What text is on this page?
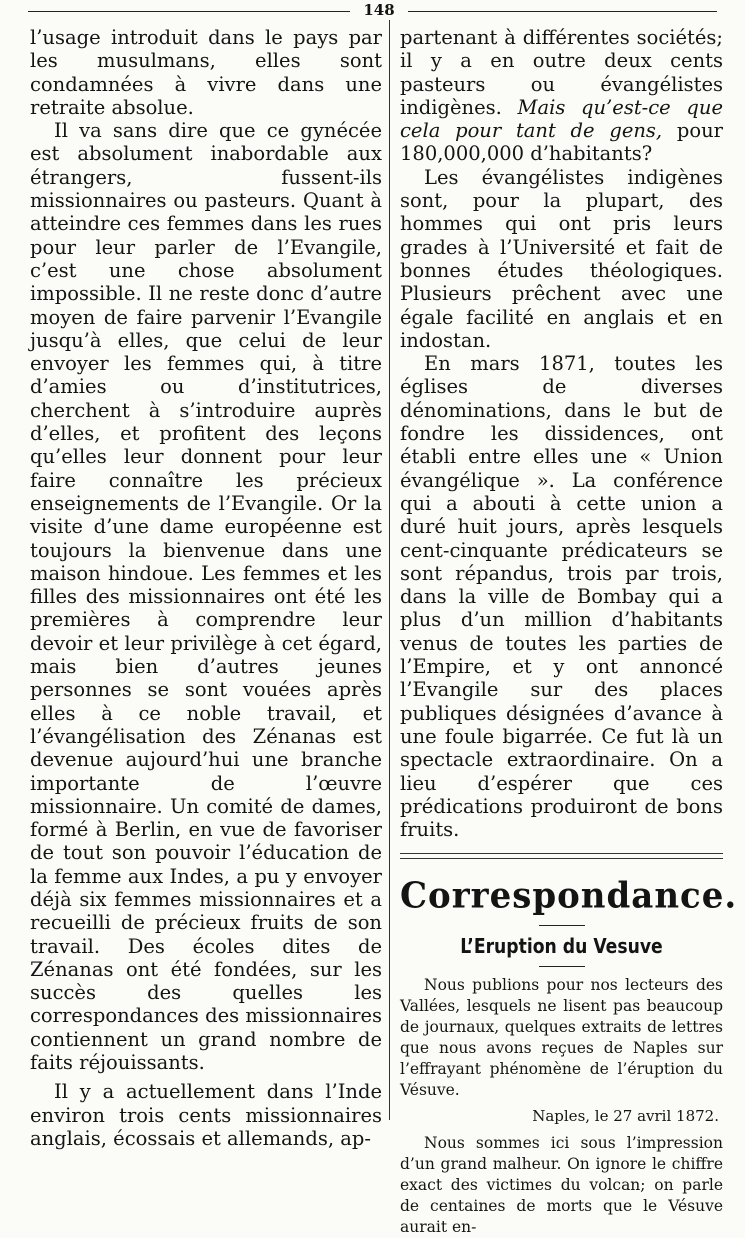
148

l’usage introduit dans le pays par les musulmans, elles sont condamnées à vivre dans une retraite absolue.

Il va sans dire que ce gynécée est absolument inabordable aux étrangers, fussent-ils missionnaires ou pasteurs. Quant à atteindre ces femmes dans les rues pour leur parler de l’Evangile, c’est une chose absolument impossible. Il ne reste donc d’autre moyen de faire parvenir l’Evangile jusqu’à elles, que celui de leur envoyer les femmes qui, à titre d’amies ou d’institutrices, cherchent à s’introduire auprès d’elles, et profitent des leçons qu’elles leur donnent pour leur faire connaître les précieux enseignements de l’Evangile. Or la visite d’une dame européenne est toujours la bienvenue dans une maison hindoue. Les femmes et les filles des missionnaires ont été les premières à comprendre leur devoir et leur privilège à cet égard, mais bien d’autres jeunes personnes se sont vouées après elles à ce noble travail, et l’évangélisation des Zénanas est devenue aujourd’hui une branche importante de l’œuvre missionnaire. Un comité de dames, formé à Berlin, en vue de favoriser de tout son pouvoir l’éducation de la femme aux Indes, a pu y envoyer déjà six femmes missionnaires et a recueilli de précieux fruits de son travail. Des écoles dites de Zénanas ont été fondées, sur les succès des quelles les correspondances des missionnaires contiennent un grand nombre de faits réjouissants.

Il y a actuellement dans l’Inde environ trois cents missionnaires anglais, écossais et allemands, ap-

partenant à différentes sociétés; il y a en outre deux cents pasteurs ou évangélistes indigènes. Mais qu’est-ce que cela pour tant de gens, pour 180,000,000 d’habitants?

Les évangélistes indigènes sont, pour la plupart, des hommes qui ont pris leurs grades à l’Université et fait de bonnes études théologiques. Plusieurs prêchent avec une égale facilité en anglais et en indostan.

En mars 1871, toutes les églises de diverses dénominations, dans le but de fondre les dissidences, ont établi entre elles une « Union évangélique ». La conférence qui a abouti à cette union a duré huit jours, après lesquels cent-cinquante prédicateurs se sont répandus, trois par trois, dans la ville de Bombay qui a plus d’un million d’habitants venus de toutes les parties de l’Empire, et y ont annoncé l’Evangile sur des places publiques désignées d’avance à une foule bigarrée. Ce fut là un spectacle extraordinaire. On a lieu d’espérer que ces prédications produiront de bons fruits.

Correspondance.
L’Eruption du Vesuve

Nous publions pour nos lecteurs des Vallées, lesquels ne lisent pas beaucoup de journaux, quelques extraits de lettres que nous avons reçues de Naples sur l’effrayant phénomène de l’éruption du Vésuve.

Naples, le 27 avril 1872.

Nous sommes ici sous l’impression d’un grand malheur. On ignore le chiffre exact des victimes du volcan; on parle de centaines de morts que le Vésuve aurait en-
